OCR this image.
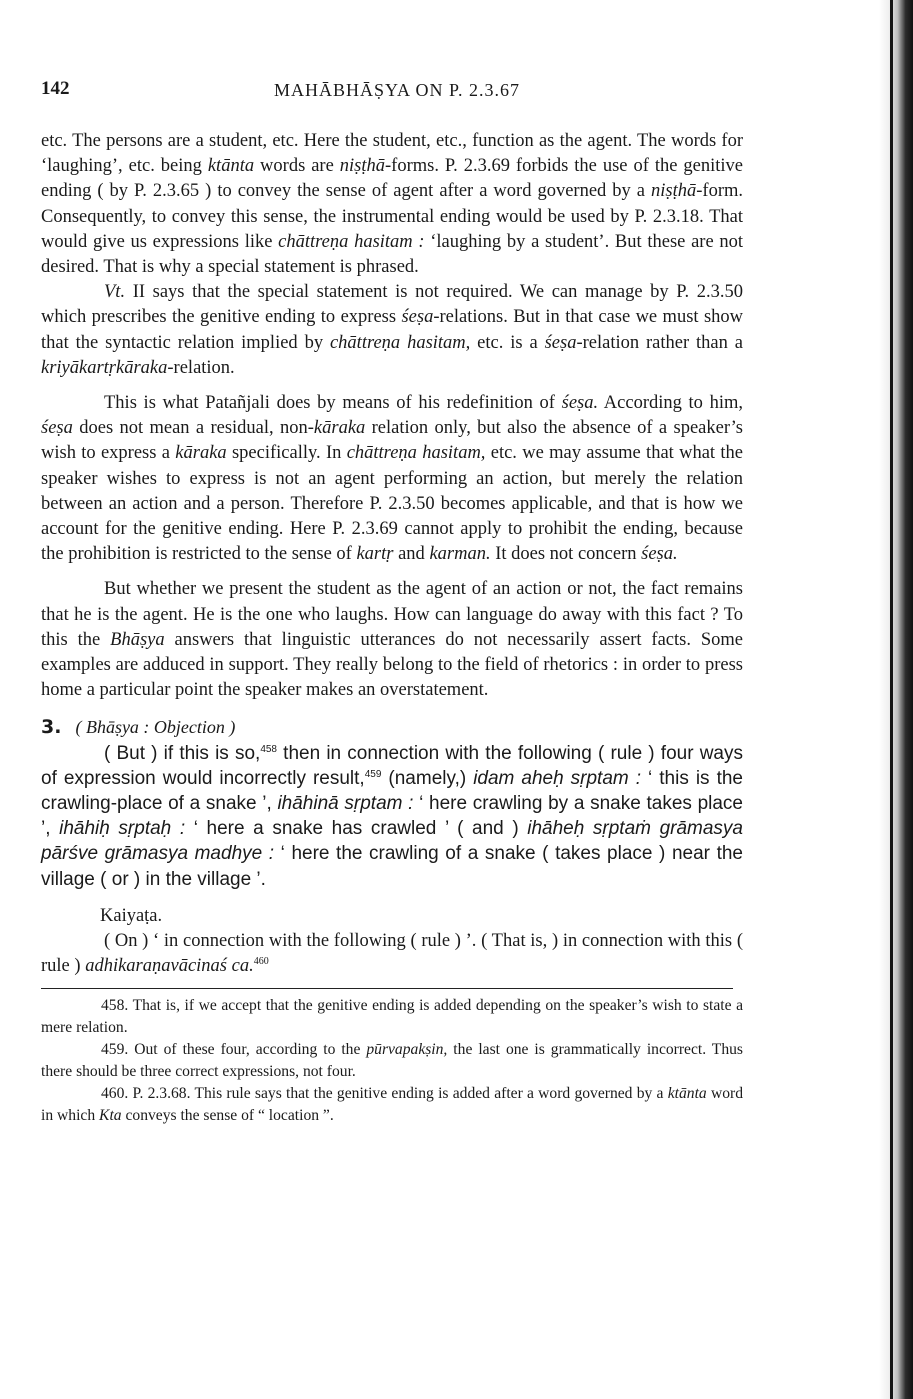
142	MAHĀBHĀṢYA ON P. 2.3.67

etc. The persons are a student, etc. Here the student, etc., function as the agent. The words for ‘laughing’, etc. being ktānta words are niṣṭhā-forms. P. 2.3.69 forbids the use of the genitive ending ( by P. 2.3.65 ) to convey the sense of agent after a word governed by a niṣṭhā-form. Consequently, to convey this sense, the instrumental ending would be used by P. 2.3.18. That would give us expressions like chāttreṇa hasitam : ‘laughing by a student’. But these are not desired. That is why a special statement is phrased.

Vt. II says that the special statement is not required. We can manage by P. 2.3.50 which prescribes the genitive ending to express śeṣa-relations. But in that case we must show that the syntactic relation implied by chāttreṇa hasitam, etc. is a śeṣa-relation rather than a kriyākartṛkāraka-relation.

This is what Patañjali does by means of his redefinition of śeṣa. According to him, śeṣa does not mean a residual, non-kāraka relation only, but also the absence of a speaker’s wish to express a kāraka specifically. In chāttreṇa hasitam, etc. we may assume that what the speaker wishes to express is not an agent performing an action, but merely the relation between an action and a person. Therefore P. 2.3.50 becomes applicable, and that is how we account for the genitive ending. Here P. 2.3.69 cannot apply to prohibit the ending, because the prohibition is restricted to the sense of kartṛ and karman. It does not concern śeṣa.

But whether we present the student as the agent of an action or not, the fact remains that he is the agent. He is the one who laughs. How can language do away with this fact ? To this the Bhāṣya answers that linguistic utterances do not necessarily assert facts. Some examples are adduced in support. They really belong to the field of rhetorics : in order to press home a particular point the speaker makes an overstatement.

3. ( Bhāṣya : Objection )

( But ) if this is so,$^{458}$ then in connection with the following ( rule ) four ways of expression would incorrectly result,$^{459}$ (namely,) idam aheḥ sṛptam : ‘ this is the crawling-place of a snake ’, ihāhinā sṛptam : ‘ here crawling by a snake takes place ’, ihāhiḥ sṛptaḥ : ‘ here a snake has crawled ’ ( and ) ihāheḥ sṛptaṁ grāmasya pārśve grāmasya madhye : ‘ here the crawling of a snake ( takes place ) near the village ( or ) in the village ’.

Kaiyaṭa.

( On ) ‘ in connection with the following ( rule ) ’. ( That is, ) in connection with this ( rule ) adhikaraṇavācinaś ca.$^{460}$

458. That is, if we accept that the genitive ending is added depending on the speaker’s wish to state a mere relation.

459. Out of these four, according to the pūrvapakṣin, the last one is grammatically incorrect. Thus there should be three correct expressions, not four.

460. P. 2.3.68. This rule says that the genitive ending is added after a word governed by a ktānta word in which Kta conveys the sense of “ location ”.
